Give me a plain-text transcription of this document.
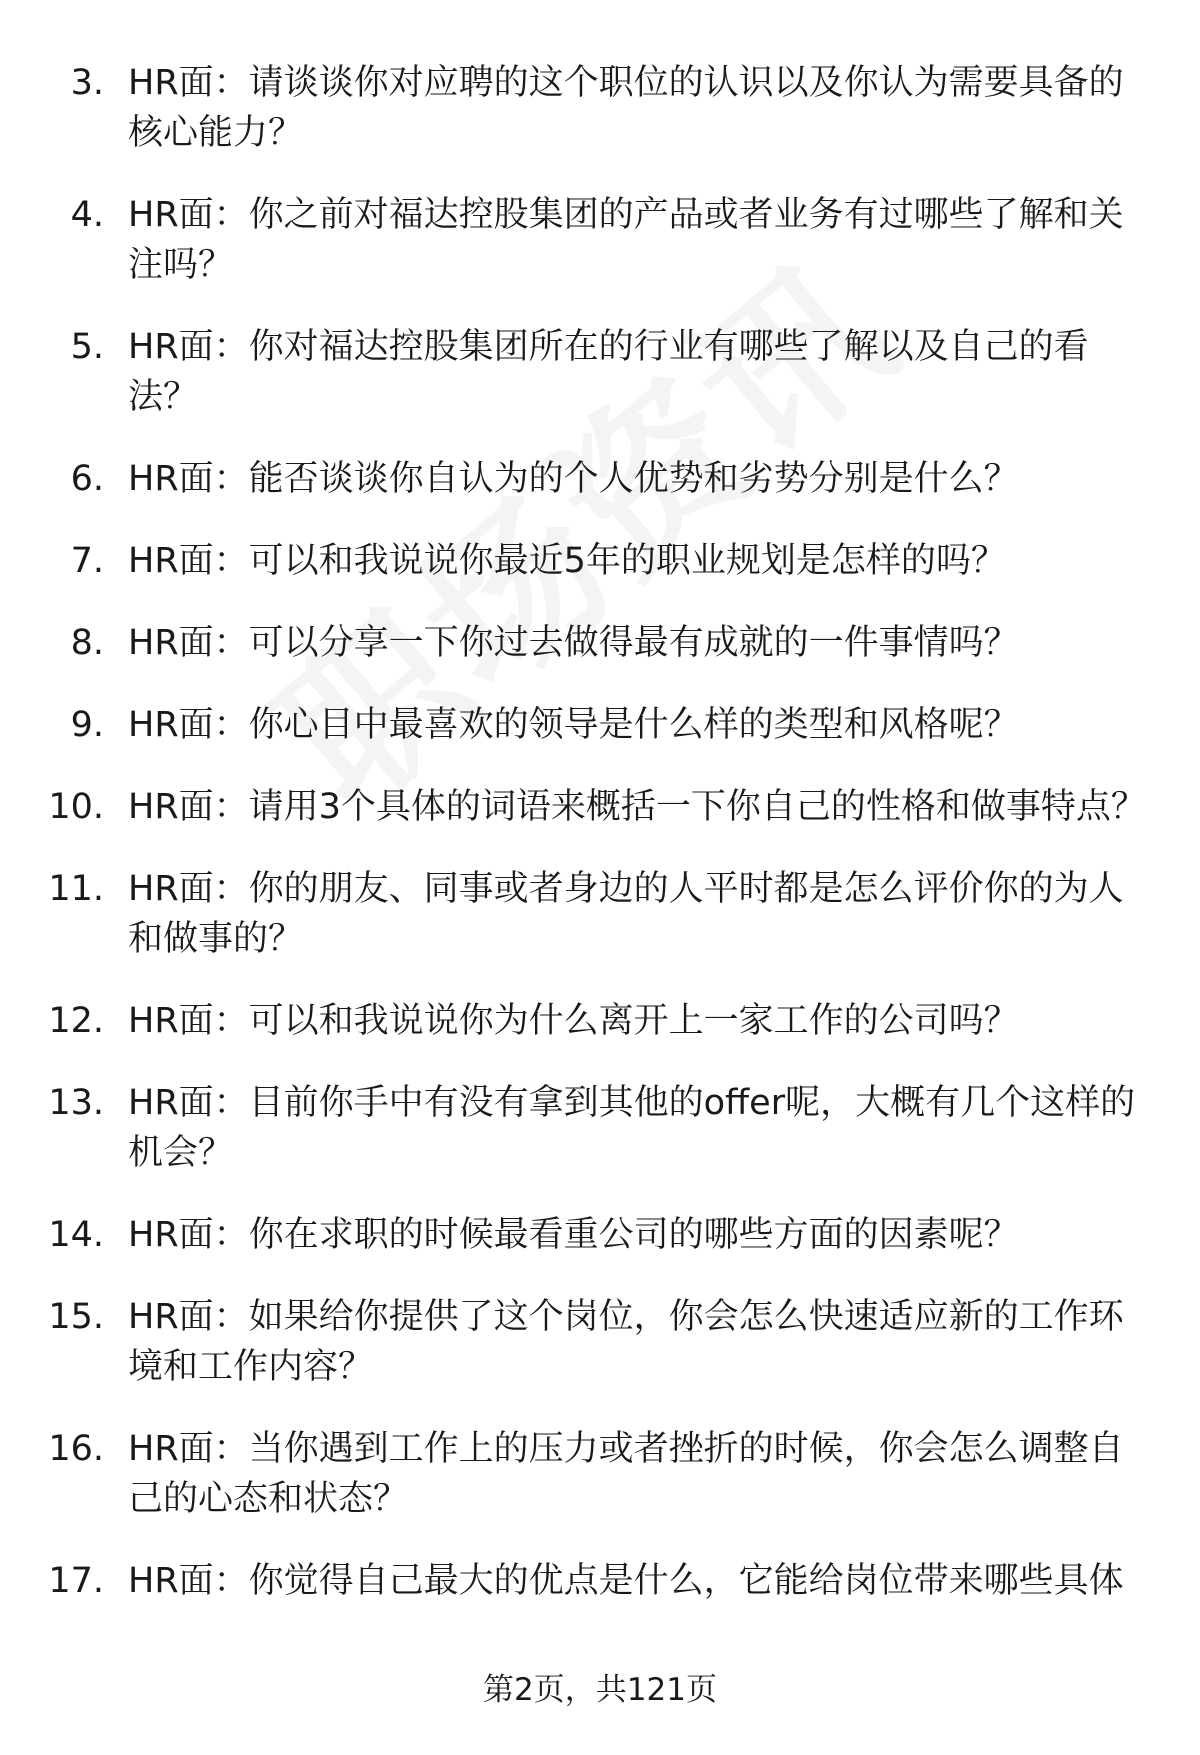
3. HR面：请谈谈你对应聘的这个职位的认识以及你认为需要具备的核心能力？
4. HR面：你之前对福达控股集团的产品或者业务有过哪些了解和关注吗？
5. HR面：你对福达控股集团所在的行业有哪些了解以及自己的看法？
6. HR面：能否谈谈你自认为的个人优势和劣势分别是什么？
7. HR面：可以和我说说你最近5年的职业规划是怎样的吗？
8. HR面：可以分享一下你过去做得最有成就的一件事情吗？
9. HR面：你心目中最喜欢的领导是什么样的类型和风格呢？
10. HR面：请用3个具体的词语来概括一下你自己的性格和做事特点？
11. HR面：你的朋友、同事或者身边的人平时都是怎么评价你的为人和做事的？
12. HR面：可以和我说说你为什么离开上一家工作的公司吗？
13. HR面：目前你手中有没有拿到其他的offer呢，大概有几个这样的机会？
14. HR面：你在求职的时候最看重公司的哪些方面的因素呢？
15. HR面：如果给你提供了这个岗位，你会怎么快速适应新的工作环境和工作内容？
16. HR面：当你遇到工作上的压力或者挫折的时候，你会怎么调整自己的心态和状态？
17. HR面：你觉得自己最大的优点是什么，它能给岗位带来哪些具体
第2页，共121页
